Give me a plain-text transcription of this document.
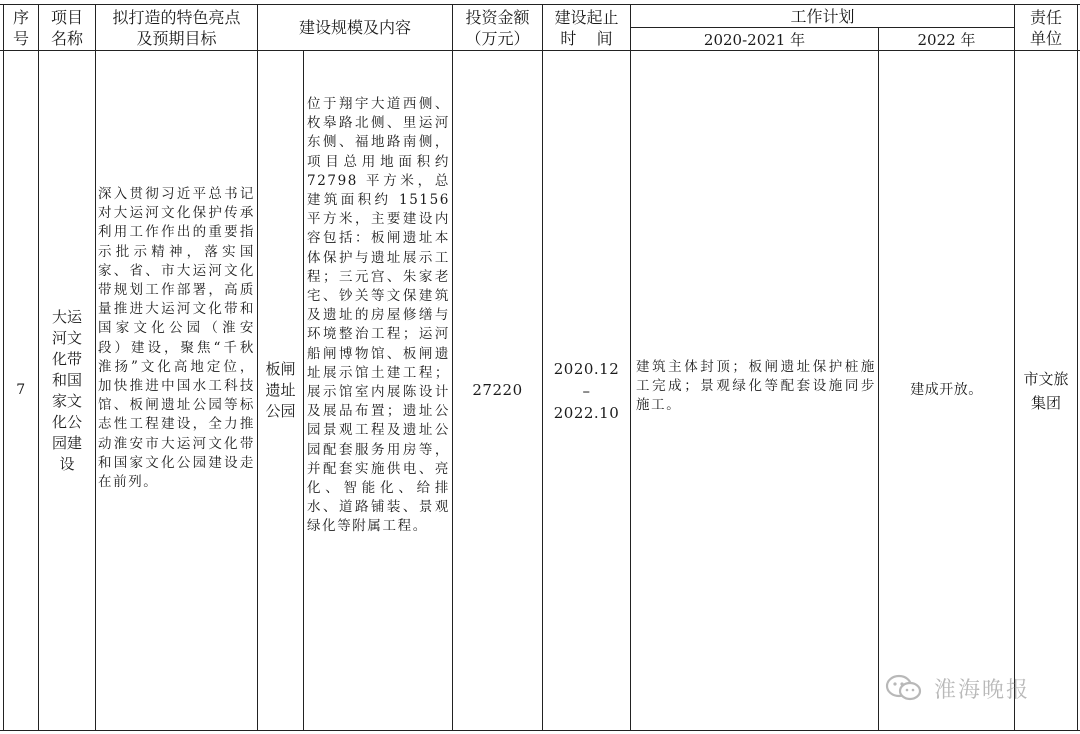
序
号
项目
名称
拟打造的特色亮点
及预期目标
建设规模及内容
投资金额
（万元）
建设起止
时    间
工作计划
2020-2021 年	2022 年
责任
单位
7
大运
河文
化带
和国
家文
化公
园建
设
深入贯彻习近平总书记对大运河文化保护传承利用工作作出的重要指示批示精神，落实国家、省、市大运河文化带规划工作部署，高质量推进大运河文化带和国家文化公园（淮安段）建设，聚焦“千秋淮扬”文化高地定位，加快推进中国水工科技馆、板闸遗址公园等标志性工程建设，全力推动淮安市大运河文化带和国家文化公园建设走在前列。
板闸
遗址
公园
位于翔宇大道西侧、枚皋路北侧、里运河东侧、福地路南侧，项目总用地面积约 72798 平方米，总建筑面积约 15156 平方米，主要建设内容包括：板闸遗址本体保护与遗址展示工程；三元宫、朱家老宅、钞关等文保建筑及遗址的房屋修缮与环境整治工程；运河船闸博物馆、板闸遗址展示馆土建工程；展示馆室内展陈设计及展品布置；遗址公园景观工程及遗址公园配套服务用房等，并配套实施供电、亮化、智能化、给排水、道路铺装、景观绿化等附属工程。
27220
2020.12
–
2022.10
建筑主体封顶；板闸遗址保护桩施工完成；景观绿化等配套设施同步施工。
建成开放。
市文旅
集团
淮海晚报
